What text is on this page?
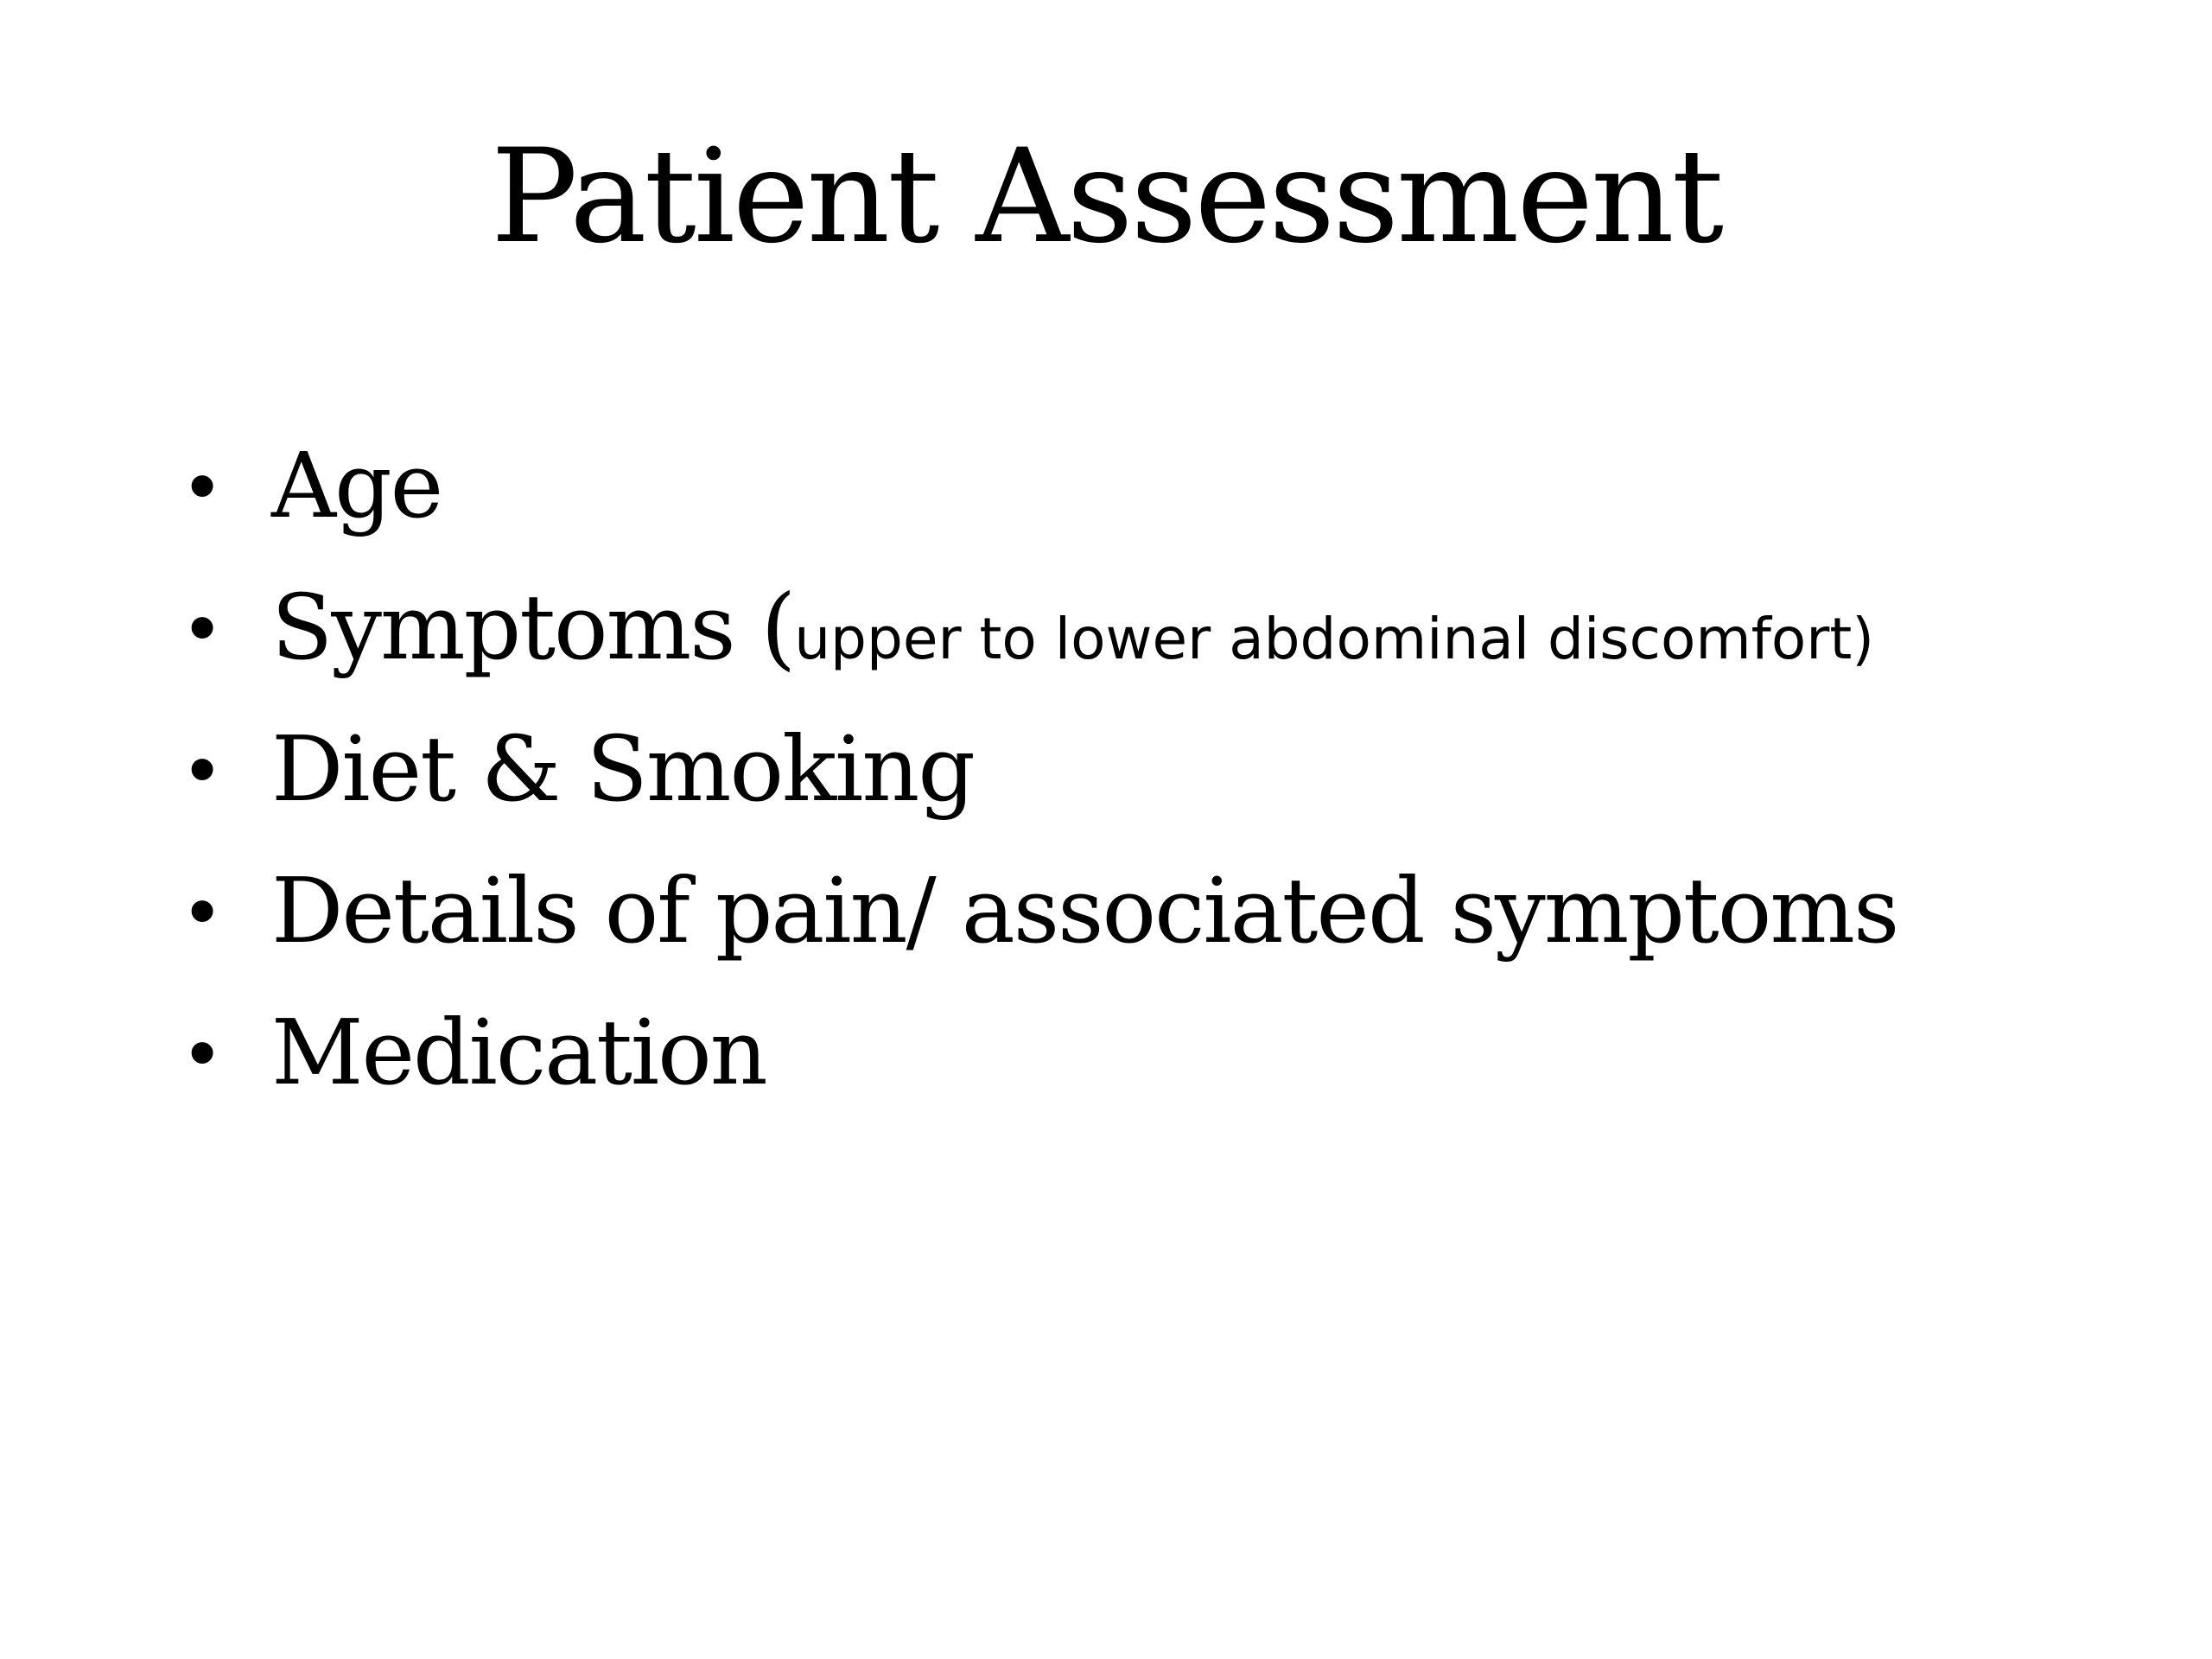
Patient Assessment
• Age
• Symptoms (upper to lower abdominal discomfort)
• Diet & Smoking
• Details of pain/ associated symptoms
• Medication
